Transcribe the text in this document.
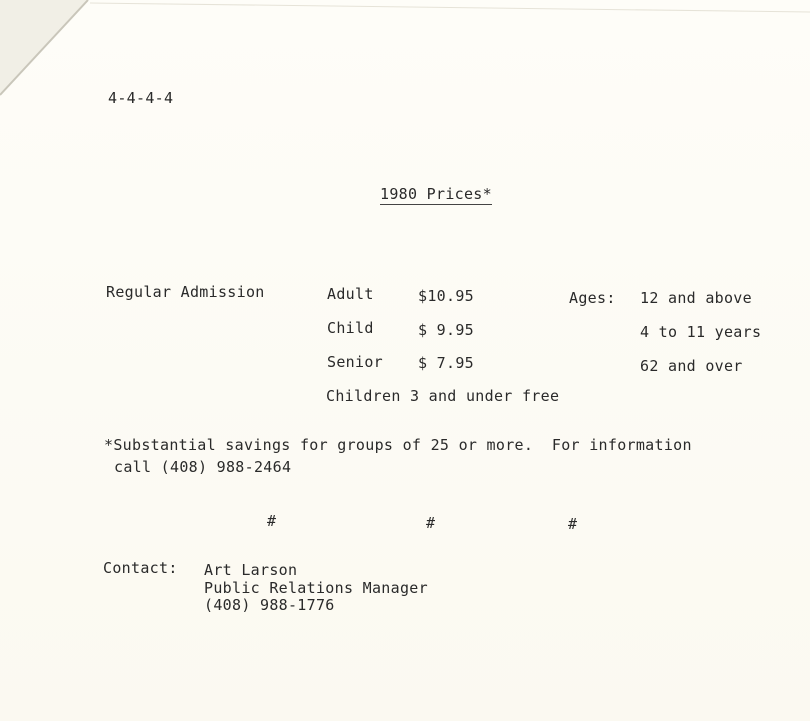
4-4-4-4
1980 Prices*
Regular Admission	Adult	$10.95	Ages: 12 and above
Child	$ 9.95	4 to 11 years
Senior $ 7.95	62 and over
Children 3 and under free
*Substantial savings for groups of 25 or more.  For information
call (408) 988-2464
#	#	#
Contact: Art Larson
Public Relations Manager
(408) 988-1776
